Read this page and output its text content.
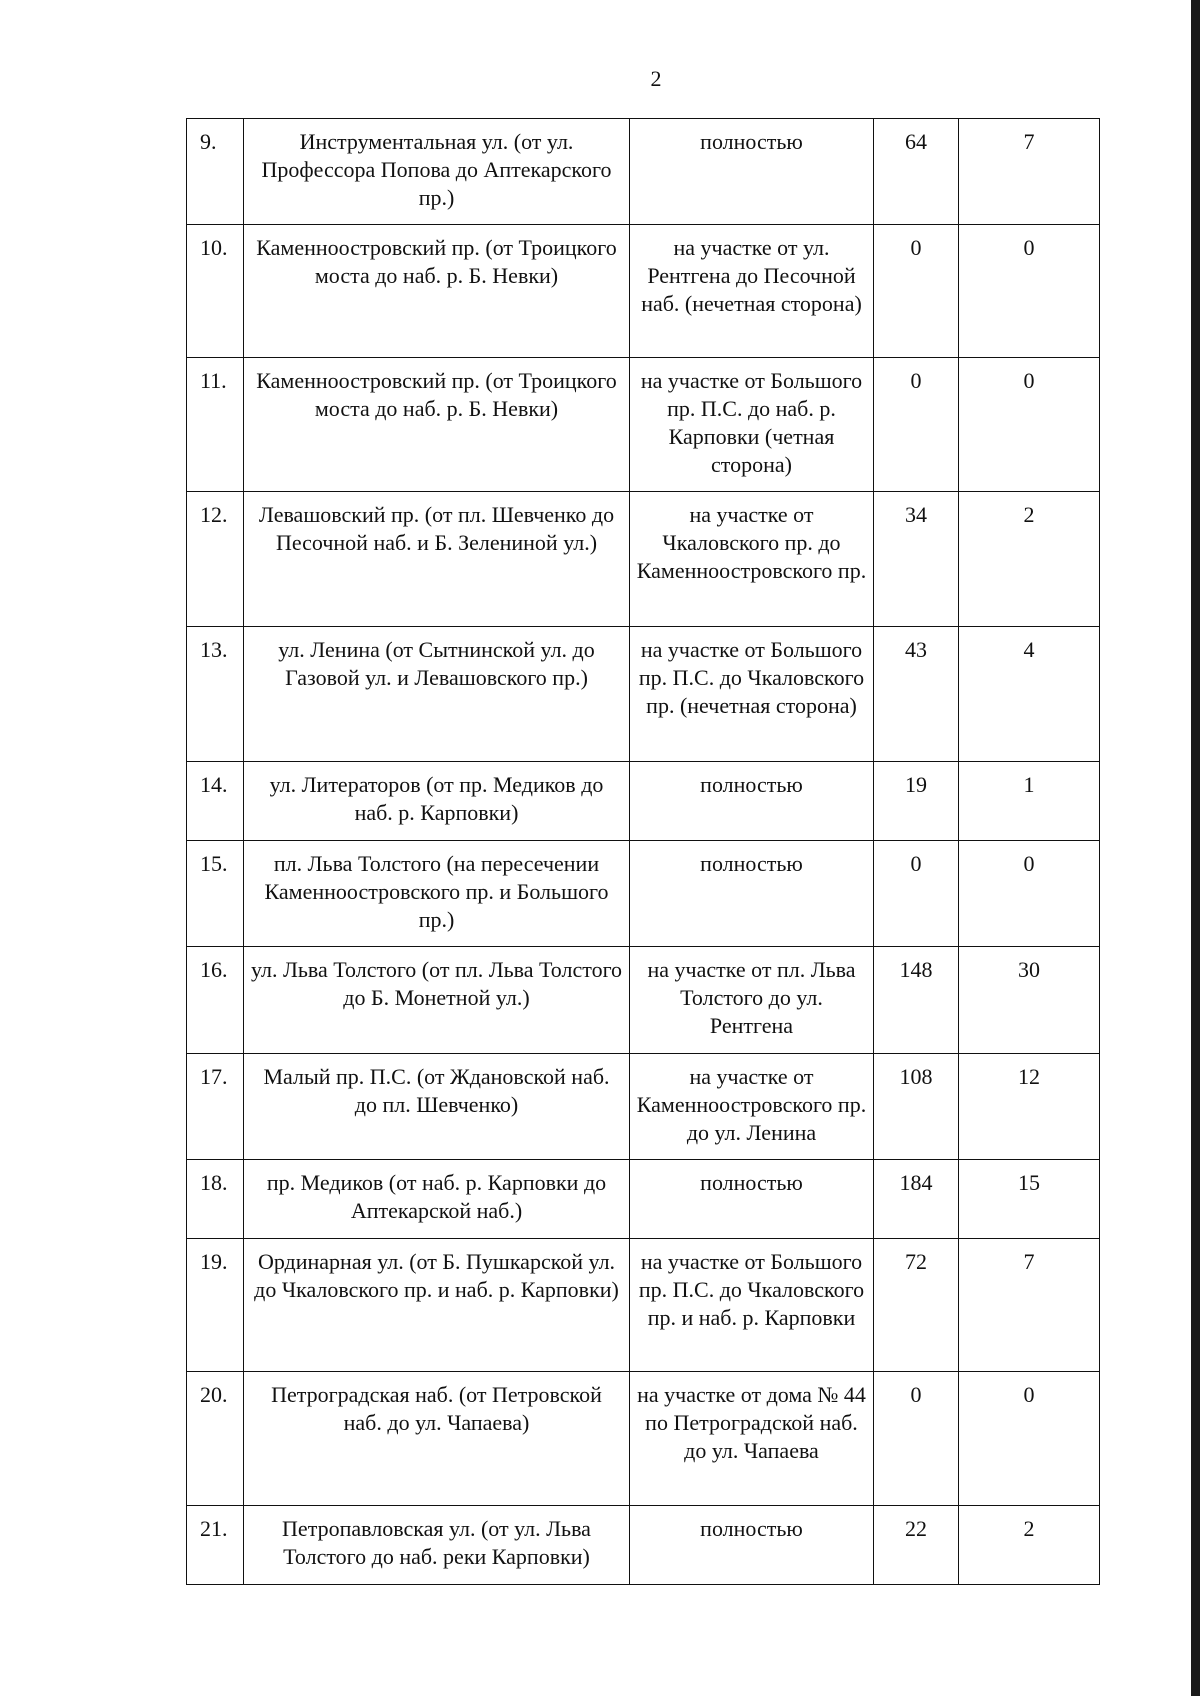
2
9.	Инструментальная ул. (от ул. Профессора Попова до Аптекарского пр.)	полностью	64	7
10.	Каменноостровский пр. (от Троицкого моста до наб. р. Б. Невки)	на участке от ул. Рентгена до Песочной наб. (нечетная сторона)	0	0
11.	Каменноостровский пр. (от Троицкого моста до наб. р. Б. Невки)	на участке от Большого пр. П.С. до наб. р. Карповки (четная сторона)	0	0
12.	Левашовский пр. (от пл. Шевченко до Песочной наб. и Б. Зелениной ул.)	на участке от Чкаловского пр. до Каменноостровского пр.	34	2
13.	ул. Ленина (от Сытнинской ул. до Газовой ул. и Левашовского пр.)	на участке от Большого пр. П.С. до Чкаловского пр. (нечетная сторона)	43	4
14.	ул. Литераторов (от пр. Медиков до наб. р. Карповки)	полностью	19	1
15.	пл. Льва Толстого (на пересечении Каменноостровского пр. и Большого пр.)	полностью	0	0
16.	ул. Льва Толстого (от пл. Льва Толстого до Б. Монетной ул.)	на участке от пл. Льва Толстого до ул. Рентгена	148	30
17.	Малый пр. П.С. (от Ждановской наб. до пл. Шевченко)	на участке от Каменноостровского пр. до ул. Ленина	108	12
18.	пр. Медиков (от наб. р. Карповки до Аптекарской наб.)	полностью	184	15
19.	Ординарная ул. (от Б. Пушкарской ул. до Чкаловского пр. и наб. р. Карповки)	на участке от Большого пр. П.С. до Чкаловского пр. и наб. р. Карповки	72	7
20.	Петроградская наб. (от Петровской наб. до ул. Чапаева)	на участке от дома № 44 по Петроградской наб. до ул. Чапаева	0	0
21.	Петропавловская ул. (от ул. Льва Толстого до наб. реки Карповки)	полностью	22	2
